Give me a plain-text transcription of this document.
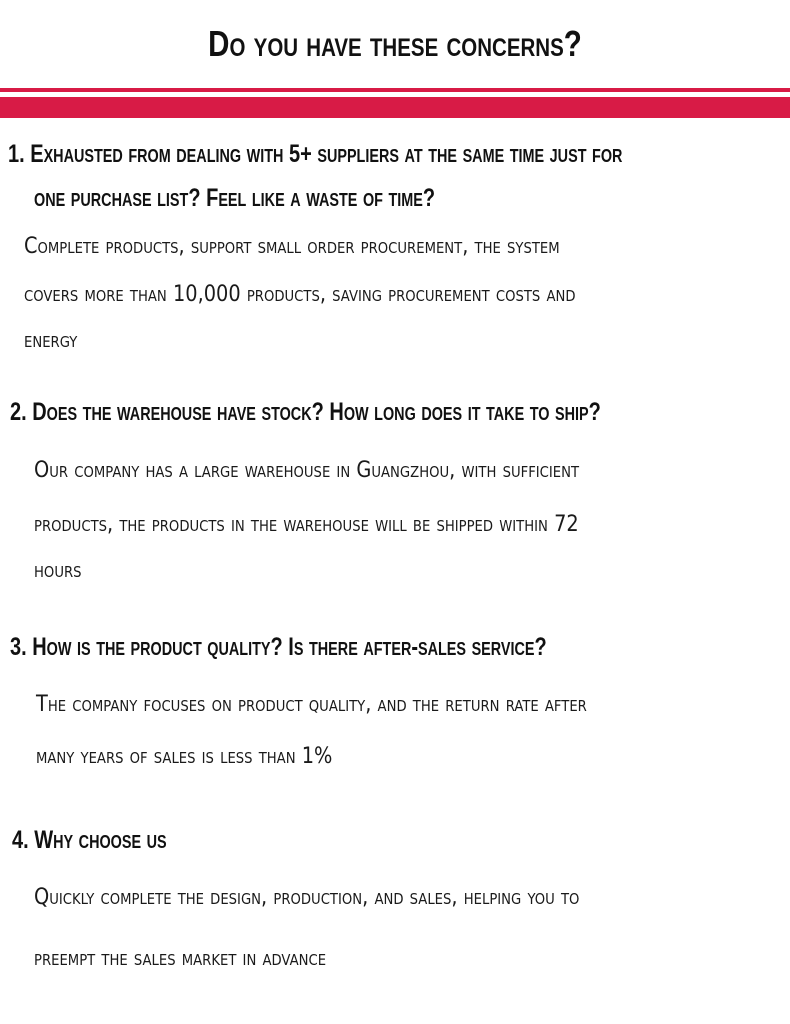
Do you have these concerns?

1. Exhausted from dealing with 5+ suppliers at the same time just for

one purchase list? Feel like a waste of time?

Complete products, support small order procurement, the system

covers more than 10,000 products, saving procurement costs and

energy

2. Does the warehouse have stock? How long does it take to ship?

Our company has a large warehouse in Guangzhou, with sufficient

products, the products in the warehouse will be shipped within 72

hours

3. How is the product quality? Is there after-sales service?

The company focuses on product quality, and the return rate after

many years of sales is less than 1%

4. Why choose us

Quickly complete the design, production, and sales, helping you to

preempt the sales market in advance
